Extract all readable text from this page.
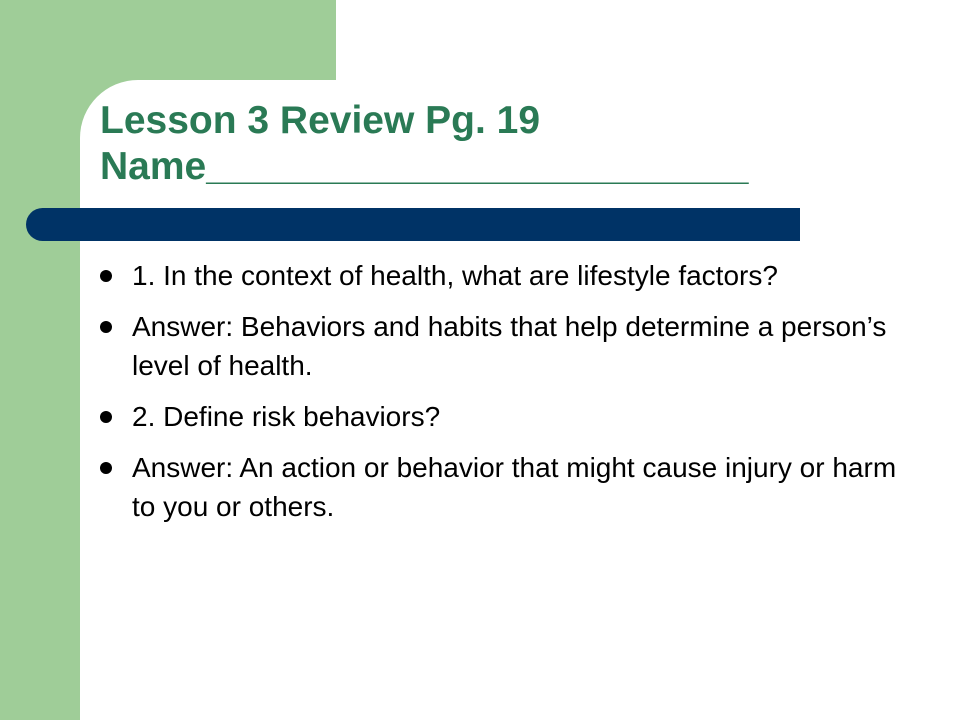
Lesson 3 Review Pg. 19
Name_________________________
1. In the context of health, what are lifestyle factors?
Answer: Behaviors and habits that help determine a person’s level of health.
2. Define risk behaviors?
Answer: An action or behavior that might cause injury or harm to you or others.
